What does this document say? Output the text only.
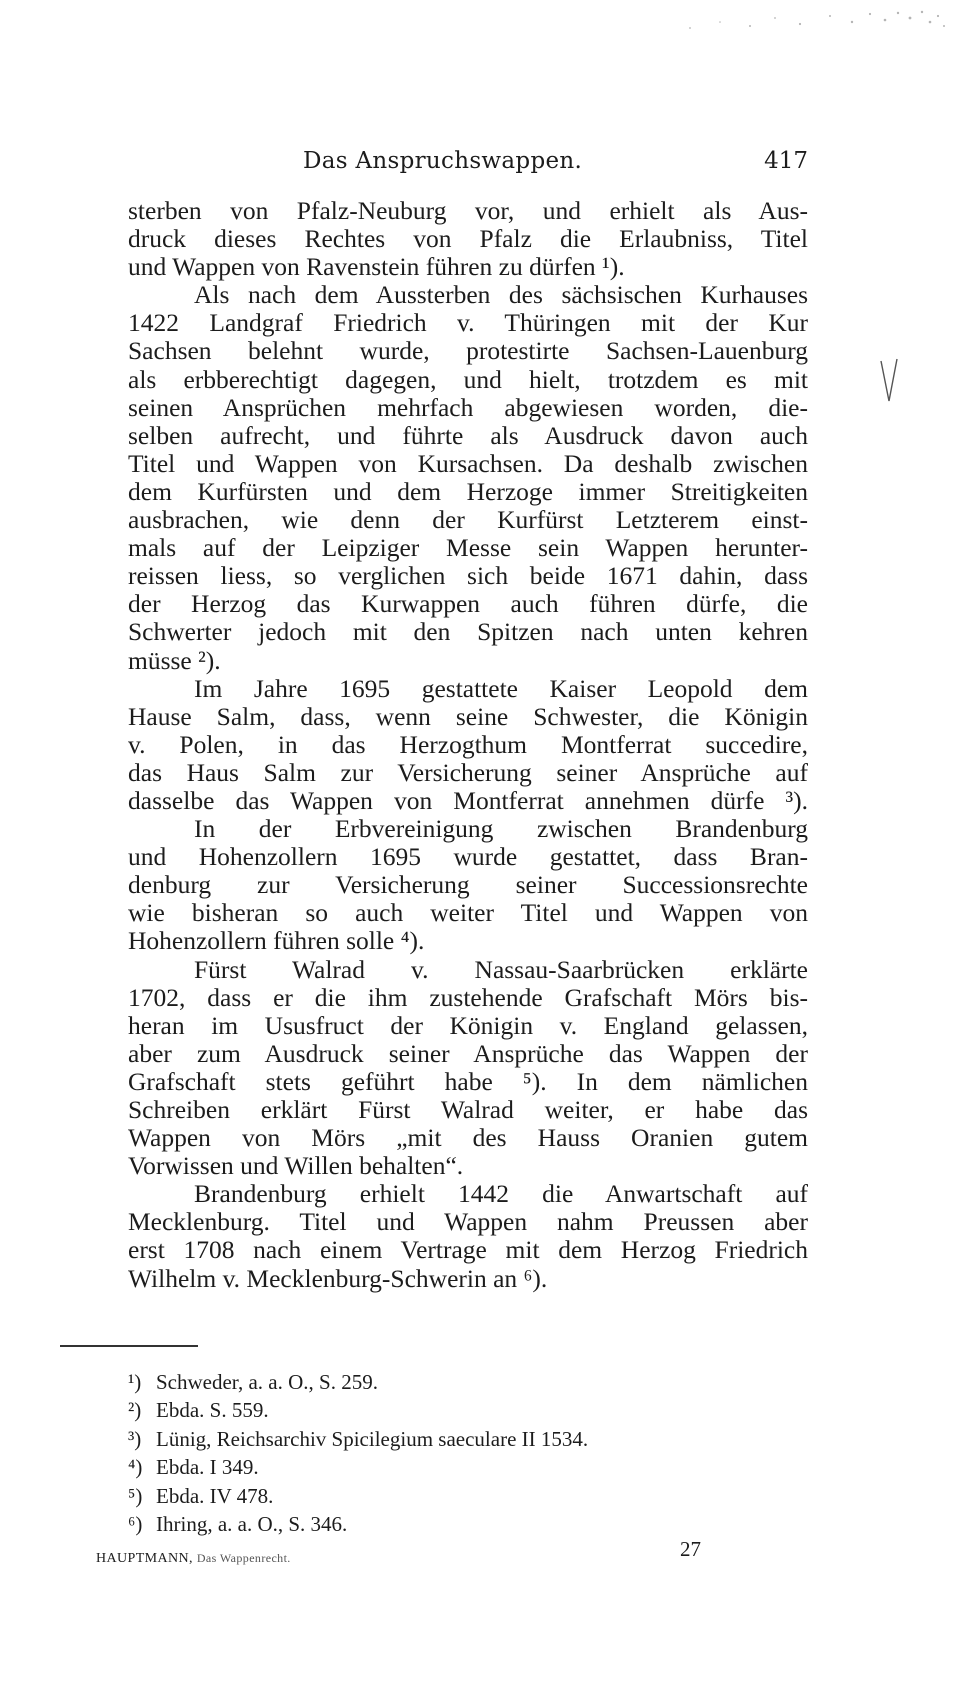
Das Anspruchswappen.	417
sterben von Pfalz-Neuburg vor, und erhielt als Aus-
druck dieses Rechtes von Pfalz die Erlaubniss, Titel
und Wappen von Ravenstein führen zu dürfen ¹).
Als nach dem Aussterben des sächsischen Kurhauses
1422 Landgraf Friedrich v. Thüringen mit der Kur
Sachsen belehnt wurde, protestirte Sachsen-Lauenburg
als erbberechtigt dagegen, und hielt, trotzdem es mit
seinen Ansprüchen mehrfach abgewiesen worden, die-
selben aufrecht, und führte als Ausdruck davon auch
Titel und Wappen von Kursachsen. Da deshalb zwischen
dem Kurfürsten und dem Herzoge immer Streitigkeiten
ausbrachen, wie denn der Kurfürst Letzterem einst-
mals auf der Leipziger Messe sein Wappen herunter-
reissen liess, so verglichen sich beide 1671 dahin, dass
der Herzog das Kurwappen auch führen dürfe, die
Schwerter jedoch mit den Spitzen nach unten kehren
müsse ²).
Im Jahre 1695 gestattete Kaiser Leopold dem
Hause Salm, dass, wenn seine Schwester, die Königin
v. Polen, in das Herzogthum Montferrat succedire,
das Haus Salm zur Versicherung seiner Ansprüche auf
dasselbe das Wappen von Montferrat annehmen dürfe ³).
In der Erbvereinigung zwischen Brandenburg
und Hohenzollern 1695 wurde gestattet, dass Bran-
denburg zur Versicherung seiner Successionsrechte
wie bisheran so auch weiter Titel und Wappen von
Hohenzollern führen solle ⁴).
Fürst Walrad v. Nassau-Saarbrücken erklärte
1702, dass er die ihm zustehende Grafschaft Mörs bis-
heran im Ususfruct der Königin v. England gelassen,
aber zum Ausdruck seiner Ansprüche das Wappen der
Grafschaft stets geführt habe ⁵). In dem nämlichen
Schreiben erklärt Fürst Walrad weiter, er habe das
Wappen von Mörs „mit des Hauss Oranien gutem
Vorwissen und Willen behalten“.
Brandenburg erhielt 1442 die Anwartschaft auf
Mecklenburg. Titel und Wappen nahm Preussen aber
erst 1708 nach einem Vertrage mit dem Herzog Friedrich
Wilhelm v. Mecklenburg-Schwerin an ⁶).
¹) Schweder, a. a. O., S. 259.
²) Ebda. S. 559.
³) Lünig, Reichsarchiv Spicilegium saeculare II 1534.
⁴) Ebda. I 349.
⁵) Ebda. IV 478.
⁶) Ihring, a. a. O., S. 346.
HAUPTMANN, Das Wappenrecht.	27
